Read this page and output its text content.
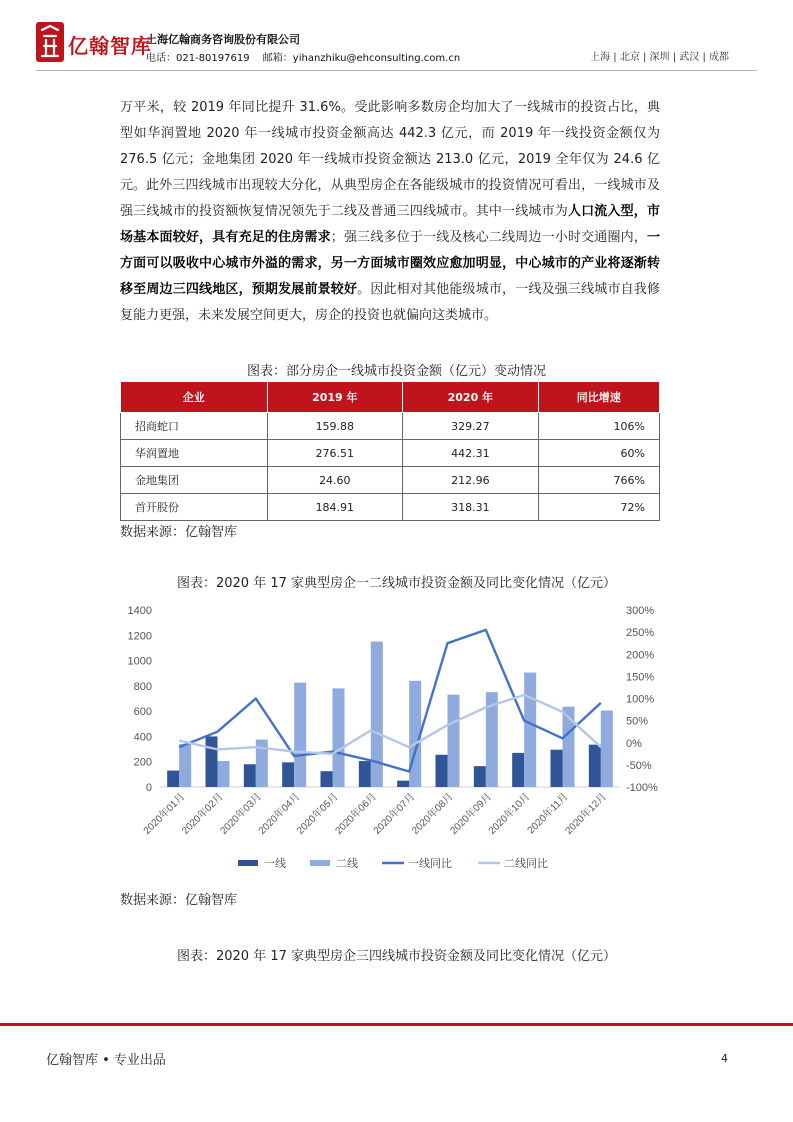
亿翰智库
上海亿翰商务咨询股份有限公司
电话：021-80197619 邮箱：yihanzhiku@ehconsulting.com.cn	上海 | 北京 | 深圳 | 武汉 | 成都

万平米，较 2019 年同比提升 31.6%。受此影响多数房企均加大了一线城市的投资占比，典型如华润置地 2020 年一线城市投资金额高达 442.3 亿元，而 2019 年一线投资金额仅为 276.5 亿元；金地集团 2020 年一线城市投资金额达 213.0 亿元，2019 全年仅为 24.6 亿元。 此外三四线城市出现较大分化，从典型房企在各能级城市的投资情况可看出，一线城市及强三线城市的投资额恢复情况领先于二线及普通三四线城市。其中一线城市为人口流入型，市场基本面较好，具有充足的住房需求；强三线多位于一线及核心二线周边一小时交通圈内，一方面可以吸收中心城市外溢的需求，另一方面城市圈效应愈加明显，中心城市的产业将逐渐转移至周边三四线地区，预期发展前景较好。因此相对其他能级城市，一线及强三线城市自我修复能力更强，未来发展空间更大，房企的投资也就偏向这类城市。

图表：部分房企一线城市投资金额（亿元）变动情况
企业	2019 年	2020 年	同比增速
招商蛇口	159.88	329.27	106%
华润置地	276.51	442.31	60%
金地集团	24.60	212.96	766%
首开股份	184.91	318.31	72%
数据来源：亿翰智库
图表：2020 年 17 家典型房企一二线城市投资金额及同比变化情况（亿元）
0
200
400
600
800
1000
1200
1400
-100%
-50%
0%
50%
100%
150%
200%
250%
300%
2020年01月
2020年02月
2020年03月
2020年04月
2020年05月
2020年06月
2020年07月
2020年08月
2020年09月
2020年10月
2020年11月
2020年12月
一线	二线	一线同比	二线同比
数据来源：亿翰智库
图表：2020 年 17 家典型房企三四线城市投资金额及同比变化情况（亿元）
亿翰智库 • 专业出品	4
